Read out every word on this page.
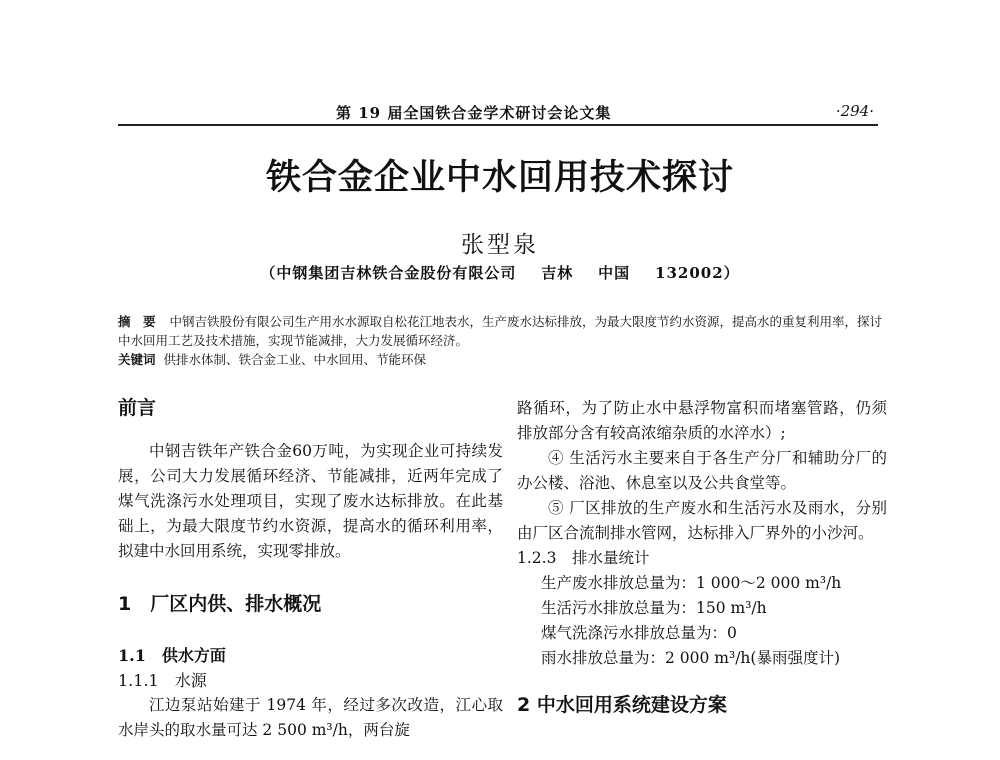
第 19 届全国铁合金学术研讨会论文集	·294·
铁合金企业中水回用技术探讨
张型泉
（中钢集团吉林铁合金股份有限公司    吉林    中国    132002）
摘　要 中钢吉铁股份有限公司生产用水水源取自松花江地表水，生产废水达标排放，为最大限度节约水资源，提高水的重复利用率，探讨中水回用工艺及技术措施，实现节能减排，大力发展循环经济。
关键词 供排水体制、铁合金工业、中水回用、节能环保
前言

中钢吉铁年产铁合金60万吨，为实现企业可持续发展，公司大力发展循环经济、节能减排，近两年完成了煤气洗涤污水处理项目，实现了废水达标排放。在此基础上，为最大限度节约水资源，提高水的循环利用率，拟建中水回用系统，实现零排放。

1　厂区内供、排水概况
1.1　供水方面
1.1.1　水源

江边泵站始建于 1974 年，经过多次改造，江心取水岸头的取水量可达 2 500 m³/h，两台旋

路循环，为了防止水中悬浮物富积而堵塞管路，仍须排放部分含有较高浓缩杂质的水淬水）;

④ 生活污水主要来自于各生产分厂和辅助分厂的办公楼、浴池、休息室以及公共食堂等。

⑤ 厂区排放的生产废水和生活污水及雨水，分别由厂区合流制排水管网，达标排入厂界外的小沙河。

1.2.3　排水量统计
生产废水排放总量为：1 000～2 000 m³/h
生活污水排放总量为：150 m³/h
煤气洗涤污水排放总量为：0
雨水排放总量为：2 000 m³/h(暴雨强度计)
2 中水回用系统建设方案
